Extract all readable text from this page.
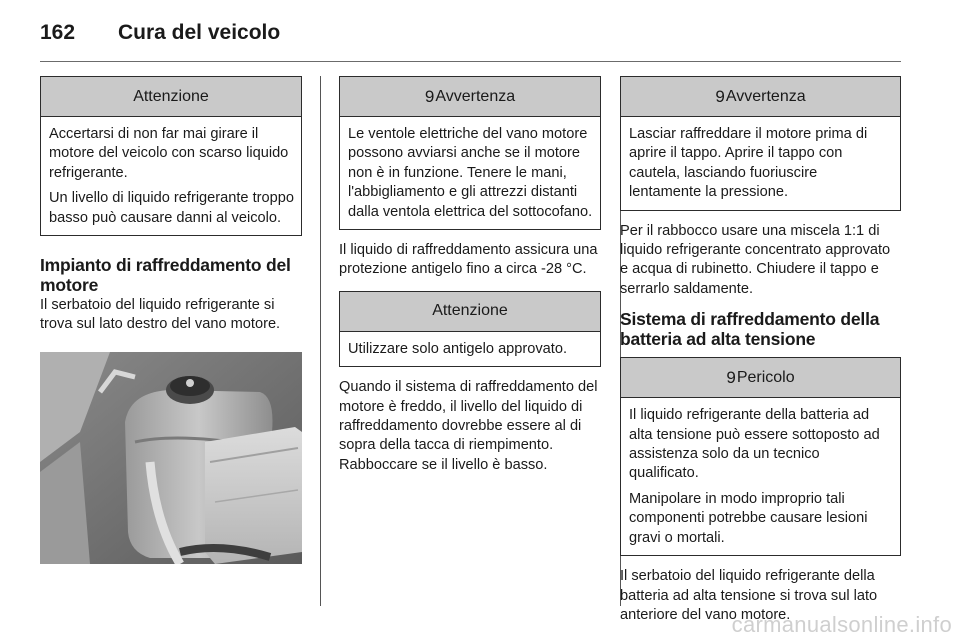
162	Cura del veicolo
Attenzione

Accertarsi di non far mai girare il motore del veicolo con scarso liquido refrigerante.

Un livello di liquido refrigerante troppo basso può causare danni al veicolo.

Impianto di raffreddamento del motore
Il serbatoio del liquido refrigerante si trova sul lato destro del vano motore.
9 Avvertenza

Le ventole elettriche del vano motore possono avviarsi anche se il motore non è in funzione. Tenere le mani, l'abbigliamento e gli attrezzi distanti dalla ventola elettrica del sottocofano.

Il liquido di raffreddamento assicura una protezione antigelo fino a circa -28 °C.
Attenzione

Utilizzare solo antigelo approvato.

Quando il sistema di raffreddamento del motore è freddo, il livello del liquido di raffreddamento dovrebbe essere al di sopra della tacca di riempimento. Rabboccare se il livello è basso.
9 Avvertenza

Lasciar raffreddare il motore prima di aprire il tappo. Aprire il tappo con cautela, lasciando fuoriuscire lentamente la pressione.

Per il rabbocco usare una miscela 1:1 di liquido refrigerante concentrato approvato e acqua di rubinetto. Chiudere il tappo e serrarlo saldamente.
Sistema di raffreddamento della batteria ad alta tensione
9 Pericolo

Il liquido refrigerante della batteria ad alta tensione può essere sottoposto ad assistenza solo da un tecnico qualificato.

Manipolare in modo improprio tali componenti potrebbe causare lesioni gravi o mortali.

Il serbatoio del liquido refrigerante della batteria ad alta tensione si trova sul lato anteriore del vano motore.
carmanualsonline.info
